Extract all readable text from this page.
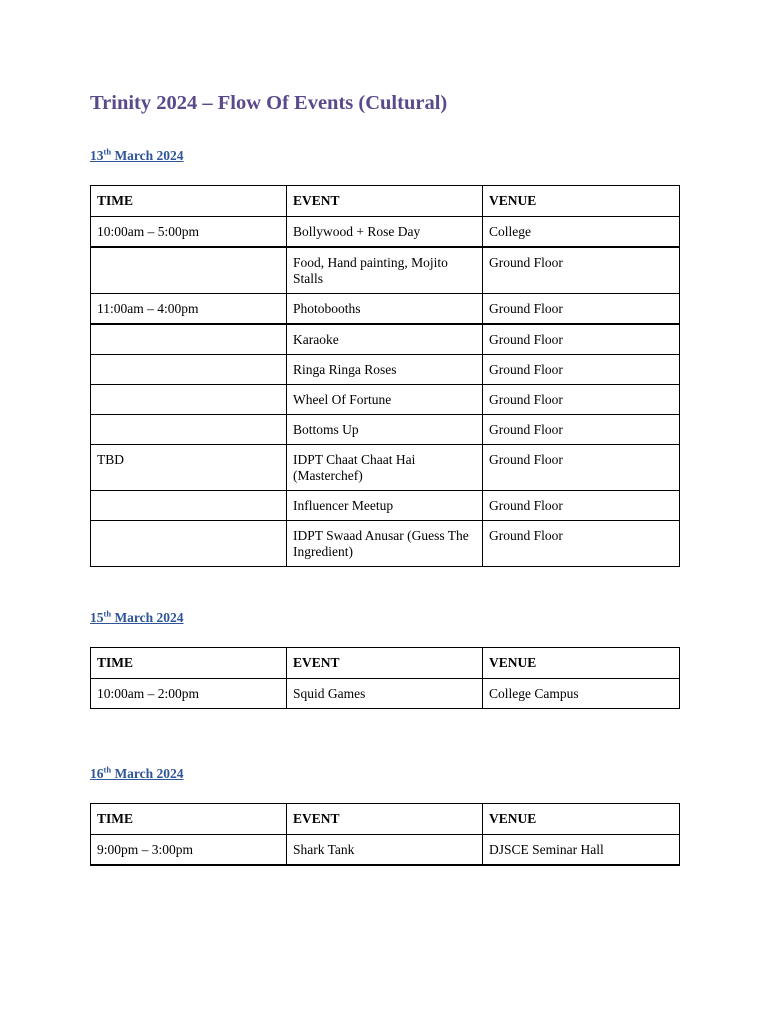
Trinity 2024 – Flow Of Events (Cultural)
13th March 2024
TIME	EVENT	VENUE
10:00am – 5:00pm	Bollywood + Rose Day	College
	Food, Hand painting, Mojito Stalls	Ground Floor
11:00am – 4:00pm	Photobooths	Ground Floor
	Karaoke	Ground Floor
	Ringa Ringa Roses	Ground Floor
	Wheel Of Fortune	Ground Floor
	Bottoms Up	Ground Floor
TBD	IDPT Chaat Chaat Hai (Masterchef)	Ground Floor
	Influencer Meetup	Ground Floor
	IDPT Swaad Anusar (Guess The Ingredient)	Ground Floor
15th March 2024
TIME	EVENT	VENUE
10:00am – 2:00pm	Squid Games	College Campus
16th March 2024
TIME	EVENT	VENUE
9:00pm – 3:00pm	Shark Tank	DJSCE Seminar Hall
